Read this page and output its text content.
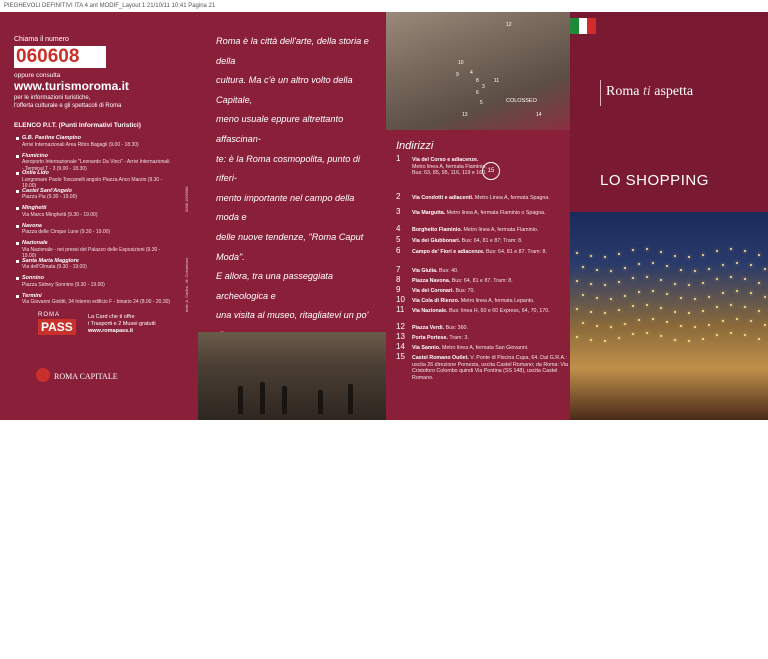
PIEGHEVOLI DEFINITIVI ITA 4 ant MODIF_Layout 1 21/10/11 10:41 Pagina 21
Chiama il numero
060608
oppure consulta
www.turismoroma.it
per le informazioni turistiche,
l'offerta culturale e gli spettacoli di Roma
ELENCO P.I.T. (Punti Informativi Turistici)
G.B. Pastine Ciampino
Arrivi Internazionali Area Ritiro Bagagli (9.00 - 18.30)
Fiumicino
Aeroporto Internazionale "Leonardo Da Vinci" - Arrivi Internazionali - Terminal T - 3 (9.00 - 18.30)
Ostia Lido
Lungomare Paolo Toscanelli angolo Piazza Anco Marzio (9.30 - 19.00)
Castel Sant'Angelo
Piazza Pia (9.30 - 19.00)
Minghetti
Via Marco Minghetti (9.30 - 19.00)
Navona
Piazza delle Cinque Lune (9.30 - 19.00)
Nazionale
Via Nazionale - nei pressi del Palazzo delle Esposizioni (9.30 - 19.00)
Santa Maria Maggiore
Via dell'Olmata (9.30 - 19.00)
Sonnino
Piazza Sidney Sonnino (9.30 - 19.00)
Termini
Via Giovanni Giolitti, 34 Interno edificio F - binario 24 (8.00 - 20.30)	testi: A. Carlini - M. Colombaro
0008 1005588
ROMA
PASS
La Card che ti offre
i Trasporti e 2 Musei gratuiti
www.romapass.it
ROMA CAPITALE
Roma è la città dell'arte, della storia e della
cultura. Ma c'è un altro volto della Capitale,
meno usuale eppure altrettanto affascinan-
te: è la Roma cosmopolita, punto di riferi-
mento importante nel campo della moda e
delle nuove tendenze, "Roma Caput Moda".
E allora, tra una passeggiata archeologica e
una visita al museo, ritagliatevi un po'
Roma
perché le più antiche e importanti maison
della couture italiana sono nate nella Città
Eterna. Due volte l'anno, a gennaio e a
luglio, si tiene la manifestazione
AltaRomaAltaModa: sfilate, performance
e sperimentazioni inedite che pongono
l'abito al centro di un evento tra arte e
spettacolo.
COLOSSEO
12
10
9 4
8
3
11
6
5
13	14
Indirizzi
15
1	Via del Corso e adiacenze. Metro linea A, fermata Flaminio, Bus: 63, 85, 95, 116, 119 e 160.
2	Via Condotti e adiacenti. Metro Linea A, fermata Spagna.
3	Via Margutta. Metro linea A, fermata Flaminio o Spagna.
4	Borghetto Flaminio. Metro linea A, fermata Flaminio.
5	Via dei Giubbonari. Bus: 64, 81 e 87; Tram: 8.
6	Campo de' Fiori e adiacenze. Bus: 64, 81 e 87. Tram: 8.
7	Via Giulia. Bus: 40.
8	Piazza Navona. Bus: 64, 81 e 87. Tram: 8.
9	Via dei Coronari. Bus: 70.
10	Via Cola di Rienzo. Metro linea A, fermata Lepanto.
11	Via Nazionale. Bus: linea H, 60 e 60 Express, 64, 70, 170.
12	Piazza Verdi. Bus: 360.
13	Porta Portese. Tram: 3.
14	Via Sannio. Metro linea A, fermata San Giovanni.
15	Castel Romano Outlet. V. Ponte di Piscina Cupa, 64. Dal G.R.A.: uscita 26 direzione Pomezia, uscita Castel Romano; da Roma: Via Cristoforo Colombo quindi Via Pontina (SS 148), uscita Castel Romano.
Roma ti aspetta
LO SHOPPING
